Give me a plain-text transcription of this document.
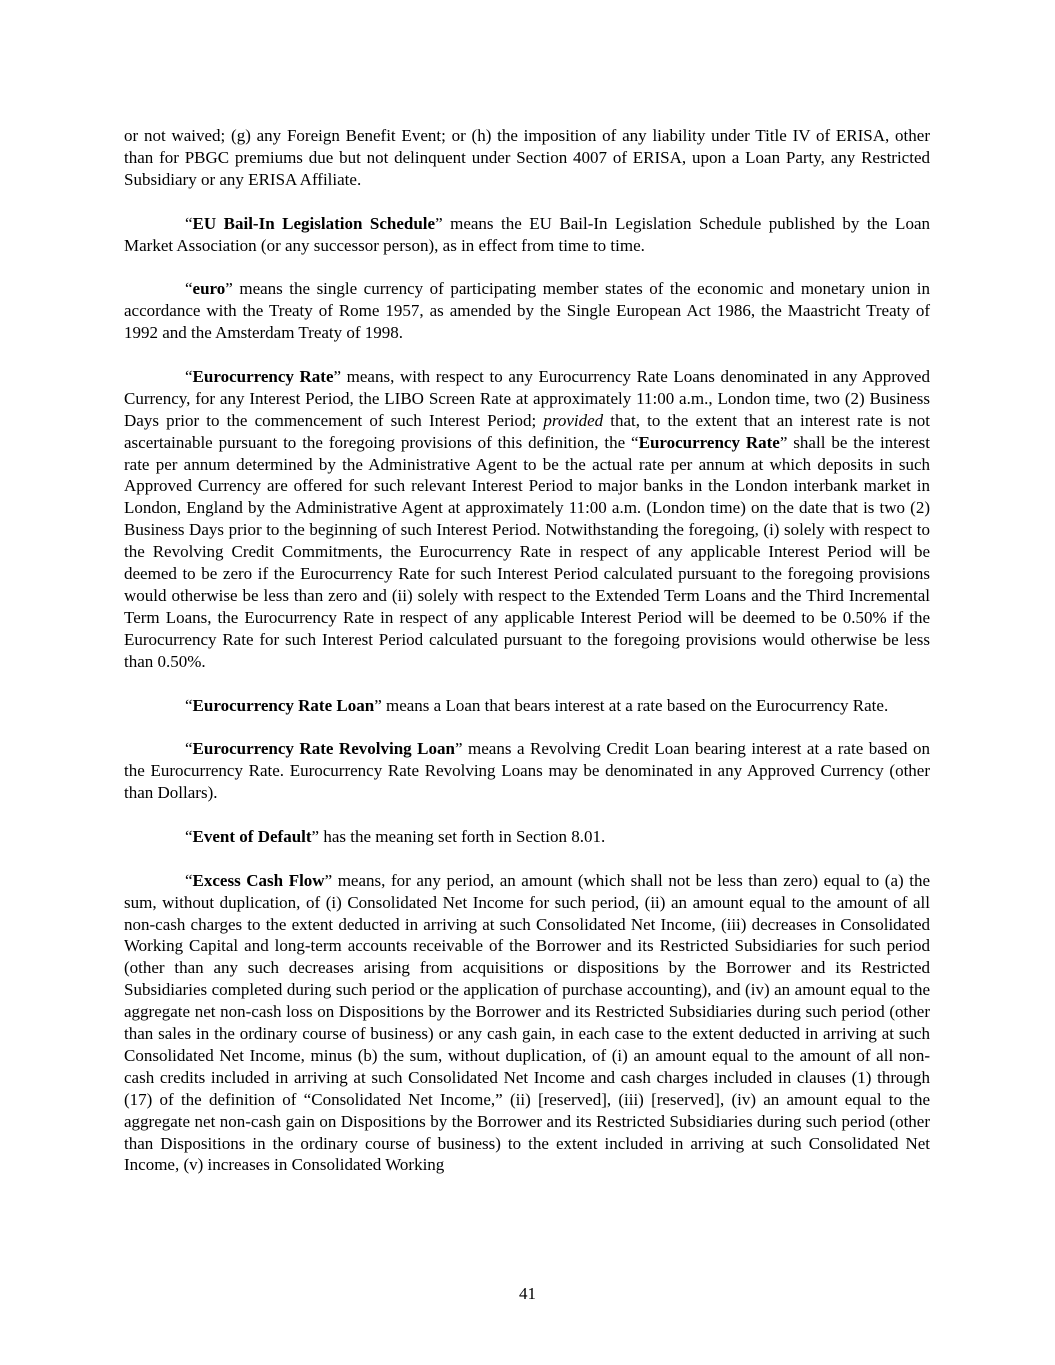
or not waived; (g) any Foreign Benefit Event; or (h) the imposition of any liability under Title IV of ERISA, other than for PBGC premiums due but not delinquent under Section 4007 of ERISA, upon a Loan Party, any Restricted Subsidiary or any ERISA Affiliate.

“EU Bail-In Legislation Schedule” means the EU Bail-In Legislation Schedule published by the Loan Market Association (or any successor person), as in effect from time to time.

“euro” means the single currency of participating member states of the economic and monetary union in accordance with the Treaty of Rome 1957, as amended by the Single European Act 1986, the Maastricht Treaty of 1992 and the Amsterdam Treaty of 1998.

“Eurocurrency Rate” means, with respect to any Eurocurrency Rate Loans denominated in any Approved Currency, for any Interest Period, the LIBO Screen Rate at approximately 11:00 a.m., London time, two (2) Business Days prior to the commencement of such Interest Period; provided that, to the extent that an interest rate is not ascertainable pursuant to the foregoing provisions of this definition, the “Eurocurrency Rate” shall be the interest rate per annum determined by the Administrative Agent to be the actual rate per annum at which deposits in such Approved Currency are offered for such relevant Interest Period to major banks in the London interbank market in London, England by the Administrative Agent at approximately 11:00 a.m. (London time) on the date that is two (2) Business Days prior to the beginning of such Interest Period. Notwithstanding the foregoing, (i) solely with respect to the Revolving Credit Commitments, the Eurocurrency Rate in respect of any applicable Interest Period will be deemed to be zero if the Eurocurrency Rate for such Interest Period calculated pursuant to the foregoing provisions would otherwise be less than zero and (ii) solely with respect to the Extended Term Loans and the Third Incremental Term Loans, the Eurocurrency Rate in respect of any applicable Interest Period will be deemed to be 0.50% if the Eurocurrency Rate for such Interest Period calculated pursuant to the foregoing provisions would otherwise be less than 0.50%.

“Eurocurrency Rate Loan” means a Loan that bears interest at a rate based on the Eurocurrency Rate.

“Eurocurrency Rate Revolving Loan” means a Revolving Credit Loan bearing interest at a rate based on the Eurocurrency Rate. Eurocurrency Rate Revolving Loans may be denominated in any Approved Currency (other than Dollars).

“Event of Default” has the meaning set forth in Section 8.01.

“Excess Cash Flow” means, for any period, an amount (which shall not be less than zero) equal to (a) the sum, without duplication, of (i) Consolidated Net Income for such period, (ii) an amount equal to the amount of all non-cash charges to the extent deducted in arriving at such Consolidated Net Income, (iii) decreases in Consolidated Working Capital and long-term accounts receivable of the Borrower and its Restricted Subsidiaries for such period (other than any such decreases arising from acquisitions or dispositions by the Borrower and its Restricted Subsidiaries completed during such period or the application of purchase accounting), and (iv) an amount equal to the aggregate net non-cash loss on Dispositions by the Borrower and its Restricted Subsidiaries during such period (other than sales in the ordinary course of business) or any cash gain, in each case to the extent deducted in arriving at such Consolidated Net Income, minus (b) the sum, without duplication, of (i) an amount equal to the amount of all non-cash credits included in arriving at such Consolidated Net Income and cash charges included in clauses (1) through (17) of the definition of “Consolidated Net Income,” (ii) [reserved], (iii) [reserved], (iv) an amount equal to the aggregate net non-cash gain on Dispositions by the Borrower and its Restricted Subsidiaries during such period (other than Dispositions in the ordinary course of business) to the extent included in arriving at such Consolidated Net Income, (v) increases in Consolidated Working

41
